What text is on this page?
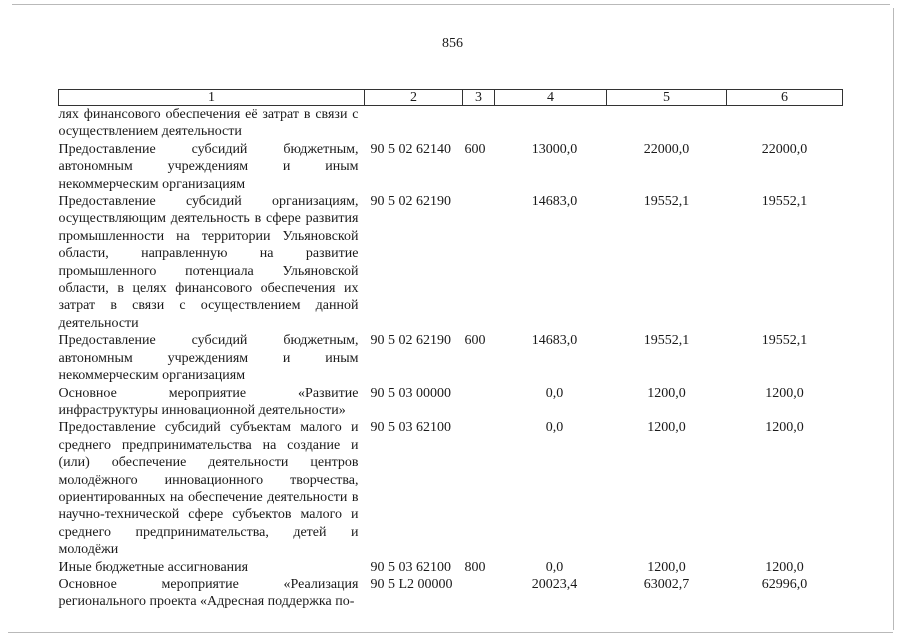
856
1	2	3	4	5	6
лях финансового обеспечения её затрат в связи с осуществлением деятельности					
Предоставление субсидий бюджетным, автономным учреждениям и иным некоммерческим организациям	90 5 02 62140	600	13000,0	22000,0	22000,0
Предоставление субсидий организациям, осуществляющим деятельность в сфере развития промышленности на территории Ульяновской области, направленную на развитие промышленного потенциала Ульяновской области, в целях финансового обеспечения их затрат в связи с осуществлением данной деятельности	90 5 02 62190		14683,0	19552,1	19552,1
Предоставление субсидий бюджетным, автономным учреждениям и иным некоммерческим организациям	90 5 02 62190	600	14683,0	19552,1	19552,1
Основное мероприятие «Развитие инфраструктуры инновационной деятельности»	90 5 03 00000		0,0	1200,0	1200,0
Предоставление субсидий субъектам малого и среднего предпринимательства на создание и (или) обеспечение деятельности центров молодёжного инновационного творчества, ориентированных на обеспечение деятельности в научно-технической сфере субъектов малого и среднего предпринимательства, детей и молодёжи	90 5 03 62100		0,0	1200,0	1200,0
Иные бюджетные ассигнования	90 5 03 62100	800	0,0	1200,0	1200,0
Основное мероприятие «Реализация регионального проекта «Адресная поддержка по-	90 5 L2 00000		20023,4	63002,7	62996,0
